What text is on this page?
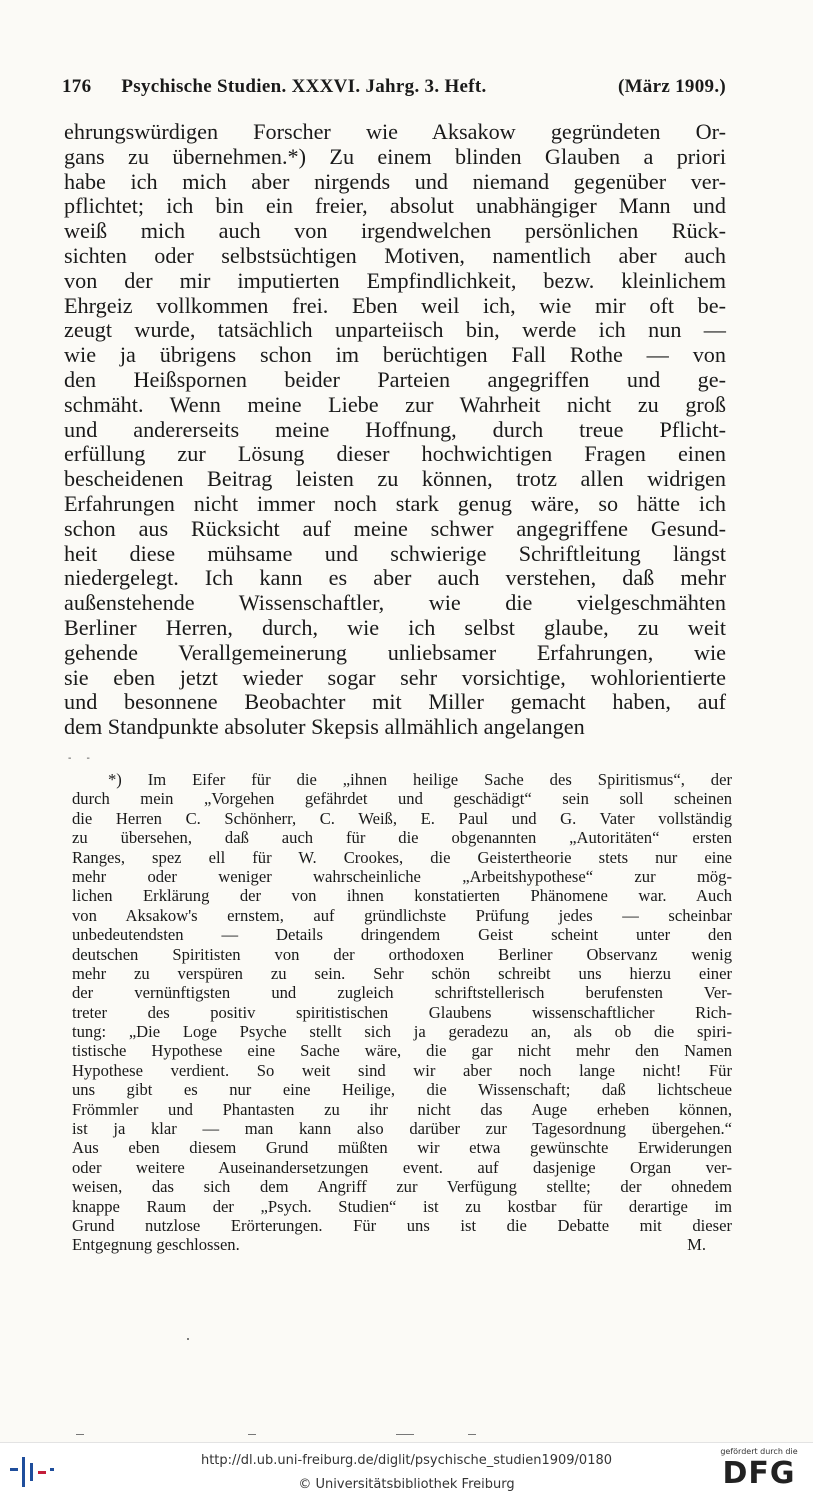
176 Psychische Studien. XXXVI. Jahrg. 3. Heft.	(März 1909.)
ehrungswürdigen Forscher wie Aksakow gegründeten Or-
gans zu übernehmen.*) Zu einem blinden Glauben a priori
habe ich mich aber nirgends und niemand gegenüber ver-
pflichtet; ich bin ein freier, absolut unabhängiger Mann und
weiß mich auch von irgendwelchen persönlichen Rück-
sichten oder selbstsüchtigen Motiven, namentlich aber auch
von der mir imputierten Empfindlichkeit, bezw. kleinlichem
Ehrgeiz vollkommen frei. Eben weil ich, wie mir oft be-
zeugt wurde, tatsächlich unparteiisch bin, werde ich nun —
wie ja übrigens schon im berüchtigen Fall Rothe — von
den Heißspornen beider Parteien angegriffen und ge-
schmäht. Wenn meine Liebe zur Wahrheit nicht zu groß
und andererseits meine Hoffnung, durch treue Pflicht-
erfüllung zur Lösung dieser hochwichtigen Fragen einen
bescheidenen Beitrag leisten zu können, trotz allen widrigen
Erfahrungen nicht immer noch stark genug wäre, so hätte ich
schon aus Rücksicht auf meine schwer angegriffene Gesund-
heit diese mühsame und schwierige Schriftleitung längst
niedergelegt. Ich kann es aber auch verstehen, daß mehr
außenstehende Wissenschaftler, wie die vielgeschmähten
Berliner Herren, durch, wie ich selbst glaube, zu weit
gehende Verallgemeinerung unliebsamer Erfahrungen, wie
sie eben jetzt wieder sogar sehr vorsichtige, wohlorientierte
und besonnene Beobachter mit Miller gemacht haben, auf
dem Standpunkte absoluter Skepsis allmählich angelangen
- -
*) Im Eifer für die „ihnen heilige Sache des Spiritismus“, der
durch mein „Vorgehen gefährdet und geschädigt“ sein soll scheinen
die Herren C. Schönherr, C. Weiß, E. Paul und G. Vater vollständig
zu übersehen, daß auch für die obgenannten „Autoritäten“ ersten
Ranges, spez ell für W. Crookes, die Geistertheorie stets nur eine
mehr oder weniger wahrscheinliche „Arbeitshypothese“ zur mög-
lichen Erklärung der von ihnen konstatierten Phänomene war. Auch
von Aksakow's ernstem, auf gründlichste Prüfung jedes — scheinbar
unbedeutendsten — Details dringendem Geist scheint unter den
deutschen Spiritisten von der orthodoxen Berliner Observanz wenig
mehr zu verspüren zu sein. Sehr schön schreibt uns hierzu einer
der vernünftigsten und zugleich schriftstellerisch berufensten Ver-
treter des positiv spiritistischen Glaubens wissenschaftlicher Rich-
tung: „Die Loge Psyche stellt sich ja geradezu an, als ob die spiri-
tistische Hypothese eine Sache wäre, die gar nicht mehr den Namen
Hypothese verdient. So weit sind wir aber noch lange nicht! Für
uns gibt es nur eine Heilige, die Wissenschaft; daß lichtscheue
Frömmler und Phantasten zu ihr nicht das Auge erheben können,
ist ja klar — man kann also darüber zur Tagesordnung übergehen.“
Aus eben diesem Grund müßten wir etwa gewünschte Erwiderungen
oder weitere Auseinandersetzungen event. auf dasjenige Organ ver-
weisen, das sich dem Angriff zur Verfügung stellte; der ohnedem
knappe Raum der „Psych. Studien“ ist zu kostbar für derartige im
Grund nutzlose Erörterungen. Für uns ist die Debatte mit dieser
Entgegnung geschlossen.	M.
http://dl.ub.uni-freiburg.de/diglit/psychische_studien1909/0180
© Universitätsbibliothek Freiburg
gefördert durch die
DFG
